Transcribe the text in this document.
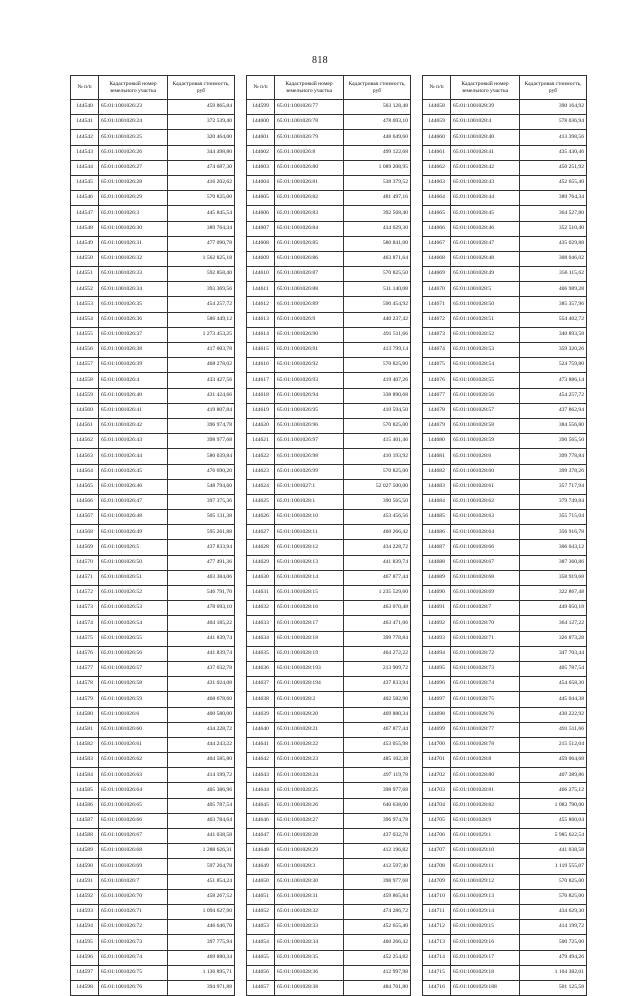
818
№ п/п	Кадастровый номер земельного участка	Кадастровая стоимость, руб
144540	65:01:1001026:23	459 865,84
144541	65:01:1001026:24	372 539,40
144542	65:01:1001026:25	320 464,00
144543	65:01:1001026:26	344 498,80
144544	65:01:1001026:27	474 687,30
144545	65:01:1001026:28	416 202,62
144546	65:01:1001026:29	570 825,00
144547	65:01:1001026:3	445 845,54
144548	65:01:1001026:30	389 764,34
144549	65:01:1001026:31	477 090,78
144550	65:01:1001026:32	1 562 825,18
144551	65:01:1001026:33	592 858,40
144552	65:01:1001026:34	393 369,56
144553	65:01:1001026:35	454 257,72
144554	65:01:1001026:36	586 449,12
144555	65:01:1001026:37	1 273 453,25
144556	65:01:1001026:38	417 003,78
144557	65:01:1001026:39	468 278,02
144558	65:01:1001026:4	433 427,56
144559	65:01:1001026:40	431 424,66
144560	65:01:1001026:41	419 807,84
144561	65:01:1001026:42	396 974,78
144562	65:01:1001026:43	398 977,68
144563	65:01:1001026:44	580 039,84
144564	65:01:1001026:45	476 690,20
144565	65:01:1001026:46	548 794,60
144566	65:01:1001026:47	397 375,36
144567	65:01:1001026:48	505 131,38
144568	65:01:1001026:49	595 261,88
144569	65:01:1001026:5	437 833,94
144570	65:01:1001026:50	477 491,36
144571	65:01:1001026:51	403 384,06
144572	65:01:1001026:52	546 791,70
144573	65:01:1001026:53	478 693,10
144574	65:01:1001026:54	404 185,22
144575	65:01:1001026:55	441 839,74
144576	65:01:1001026:56	441 839,74
144577	65:01:1001026:57	437 032,78
144578	65:01:1001026:58	431 024,08
144579	65:01:1001026:59	468 678,60
144580	65:01:1001026:6	400 580,00
144581	65:01:1001026:60	434 228,72
144582	65:01:1001026:61	444 243,22
144583	65:01:1001026:62	404 585,80
144584	65:01:1001026:63	414 199,72
144585	65:01:1001026:64	405 386,96
144586	65:01:1001026:65	405 787,54
144587	65:01:1001026:66	403 784,64
144588	65:01:1001026:67	441 038,58
144589	65:01:1001026:68	1 288 626,31
144590	65:01:1001026:69	597 264,78
144591	65:01:1001026:7	451 854,24
144592	65:01:1001026:70	458 267,52
144593	65:01:1001026:71	1 094 627,90
144594	65:01:1001026:72	446 646,70
144595	65:01:1001026:73	397 775,94
144596	65:01:1001026:74	469 880,34
144597	65:01:1001026:75	1 136 895,71
144598	65:01:1001026:76	394 971,88
№ п/п	Кадастровый номер земельного участка	Кадастровая стоимость, руб
144599	65:01:1001026:77	503 128,48
144600	65:01:1001026:78	478 693,10
144601	65:01:1001026:79	448 649,60
144602	65:01:1001026:8	499 122,68
144603	65:01:1001026:80	1 089 208,95
144604	65:01:1001026:81	538 379,52
144605	65:01:1001026:82	481 497,16
144606	65:01:1001026:83	392 568,40
144607	65:01:1001026:84	434 629,30
144608	65:01:1001026:85	580 841,00
144609	65:01:1001026:86	463 871,64
144610	65:01:1001026:87	570 825,50
144611	65:01:1001026:88	511 140,08
144612	65:01:1001026:89	590 454,92
144613	65:01:1001026:9	440 237,42
144614	65:01:1001026:90	491 511,66
144615	65:01:1001026:91	413 799,14
144616	65:01:1001026:92	570 825,00
144617	65:01:1001026:93	419 407,26
144618	65:01:1001026:94	338 890,68
144619	65:01:1001026:95	410 594,50
144620	65:01:1001026:96	570 825,00
144621	65:01:1001026:97	415 401,46
144622	65:01:1001026:98	410 193,92
144623	65:01:1001026:99	570 825,00
144624	65:01:1001027:1	52 027 500,00
144625	65:01:1001028:1	390 565,50
144626	65:01:1001028:10	453 456,56
144627	65:01:1001028:11	460 266,42
144628	65:01:1001028:12	434 228,72
144629	65:01:1001028:13	441 839,74
144630	65:01:1001028:14	467 877,44
144631	65:01:1001028:15	1 235 529,60
144632	65:01:1001028:16	463 070,48
144633	65:01:1001028:17	463 471,06
144634	65:01:1001028:18	399 778,84
144635	65:01:1001028:19	464 272,22
144636	65:01:1001028:193	213 909,72
144637	65:01:1001028:194	437 833,94
144638	65:01:1001028:2	402 582,90
144639	65:01:1001028:20	469 880,34
144640	65:01:1001028:21	467 877,44
144641	65:01:1001028:22	453 055,98
144642	65:01:1001028:23	485 102,38
144643	65:01:1001028:24	497 119,78
144644	65:01:1001028:25	398 977,68
144645	65:01:1001028:26	640 638,00
144646	65:01:1001028:27	396 974,78
144647	65:01:1001028:28	437 032,78
144648	65:01:1001028:29	412 196,82
144649	65:01:1001028:3	412 597,40
144650	65:01:1001028:30	398 977,68
144651	65:01:1001028:31	459 865,84
144652	65:01:1001028:32	474 286,72
144653	65:01:1001028:33	452 655,40
144654	65:01:1001028:34	460 266,42
144655	65:01:1001028:35	452 254,82
144656	65:01:1001028:36	412 997,98
144657	65:01:1001028:38	484 701,80
№ п/п	Кадастровый номер земельного участка	Кадастровая стоимость, руб
144658	65:01:1001028:39	390 164,92
144659	65:01:1001028:4	578 036,94
144660	65:01:1001028:40	413 398,56
144661	65:01:1001028:41	435 430,46
144662	65:01:1001028:42	450 251,92
144663	65:01:1001028:43	452 655,40
144664	65:01:1001028:44	389 764,34
144665	65:01:1001028:45	364 527,80
144666	65:01:1001028:46	352 510,40
144667	65:01:1001028:47	435 029,88
144668	65:01:1001028:48	308 046,02
144669	65:01:1001028:49	356 115,62
144670	65:01:1001028:5	406 989,28
144671	65:01:1001028:50	385 357,96
144672	65:01:1001028:51	554 402,72
144673	65:01:1001028:52	340 893,58
144674	65:01:1001028:53	359 320,26
144675	65:01:1001028:54	524 759,80
144676	65:01:1001028:55	473 886,14
144677	65:01:1001028:56	454 257,72
144678	65:01:1001028:57	437 862,94
144679	65:01:1001028:58	384 556,80
144680	65:01:1001028:59	390 565,50
144681	65:01:1001028:6	399 778,84
144682	65:01:1001028:60	399 378,26
144683	65:01:1001028:61	357 717,94
144684	65:01:1001028:62	379 749,84
144685	65:01:1001028:63	355 715,04
144686	65:01:1001028:64	356 916,78
144687	65:01:1001028:66	306 043,12
144688	65:01:1001028:67	387 360,86
144689	65:01:1001028:68	358 919,68
144690	65:01:1001028:69	322 867,48
144691	65:01:1001028:7	449 050,18
144692	65:01:1001028:70	364 127,22
144693	65:01:1001028:71	326 873,28
144694	65:01:1001028:72	347 703,44
144695	65:01:1001028:73	405 787,54
144696	65:01:1001028:74	454 658,30
144697	65:01:1001028:75	445 044,38
144698	65:01:1001028:76	430 222,92
144699	65:01:1001028:77	491 511,66
144700	65:01:1001028:78	215 512,04
144701	65:01:1001028:8	459 064,68
144702	65:01:1001028:80	407 389,86
144703	65:01:1001028:81	466 275,12
144704	65:01:1001028:82	1 083 790,00
144705	65:01:1001028:9	455 860,04
144706	65:01:1001029:1	5 985 622,54
144707	65:01:1001029:10	441 038,58
144708	65:01:1001029:11	1 119 555,07
144709	65:01:1001029:12	570 825,00
144710	65:01:1001029:13	570 825,00
144711	65:01:1001029:14	434 629,30
144712	65:01:1001029:15	414 199,72
144713	65:01:1001029:16	500 725,00
144714	65:01:1001029:17	479 494,26
144715	65:01:1001029:18	1 104 382,01
144716	65:01:1001029:188	501 125,58
